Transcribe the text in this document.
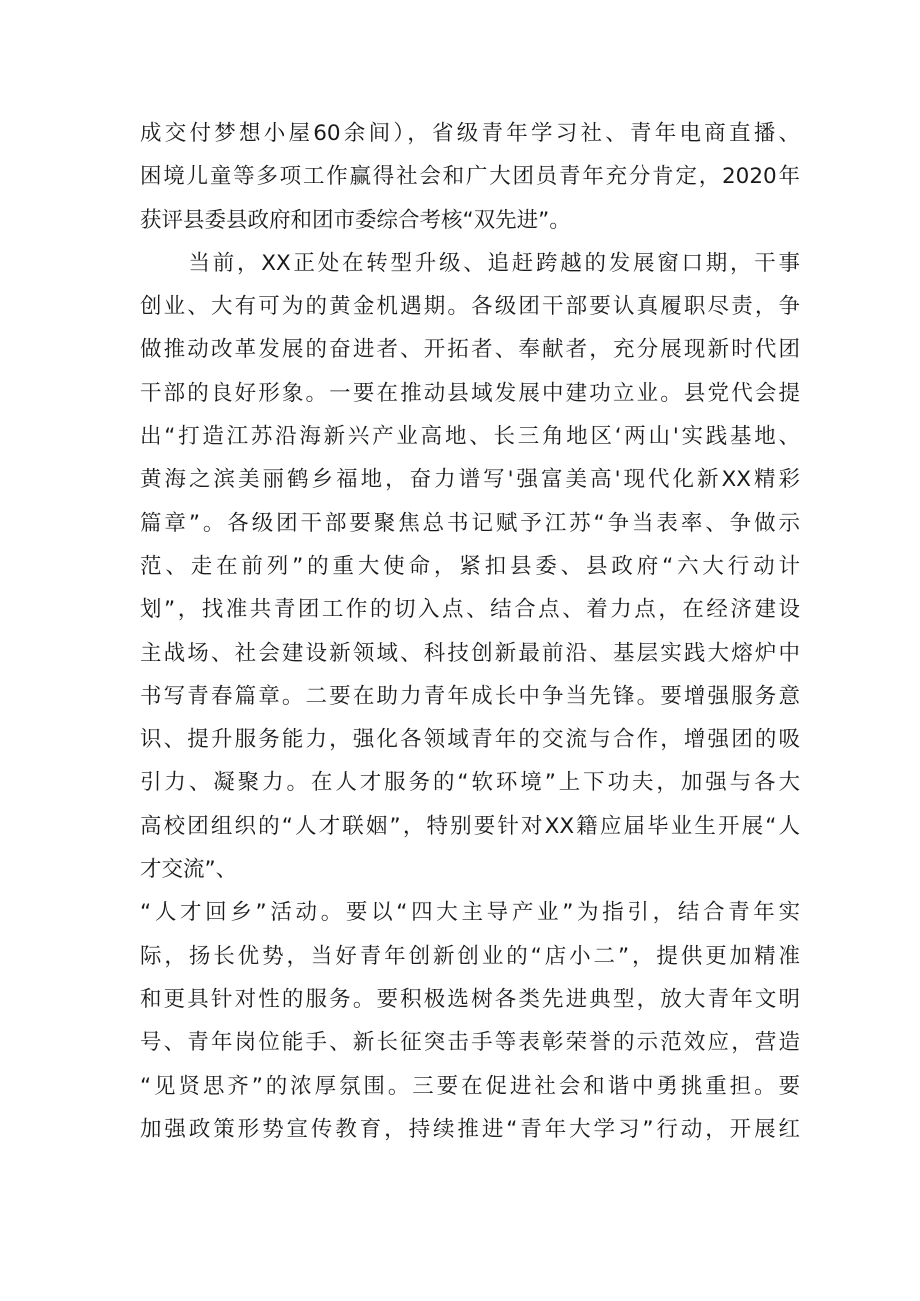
成交付梦想小屋60余间），省级青年学习社、青年电商直播、
困境儿童等多项工作赢得社会和广大团员青年充分肯定，2020年
获评县委县政府和团市委综合考核“双先进”。
　　当前，XX正处在转型升级、追赶跨越的发展窗口期，干事
创业、大有可为的黄金机遇期。各级团干部要认真履职尽责，争
做推动改革发展的奋进者、开拓者、奉献者，充分展现新时代团
干部的良好形象。一要在推动县域发展中建功立业。县党代会提
出“打造江苏沿海新兴产业高地、长三角地区‘两山'实践基地、
黄海之滨美丽鹤乡福地，奋力谱写'强富美高'现代化新XX精彩
篇章”。各级团干部要聚焦总书记赋予江苏“争当表率、争做示
范、走在前列”的重大使命，紧扣县委、县政府“六大行动计
划”，找准共青团工作的切入点、结合点、着力点，在经济建设
主战场、社会建设新领域、科技创新最前沿、基层实践大熔炉中
书写青春篇章。二要在助力青年成长中争当先锋。要增强服务意
识、提升服务能力，强化各领域青年的交流与合作，增强团的吸
引力、凝聚力。在人才服务的“软环境”上下功夫，加强与各大
高校团组织的“人才联姻”，特别要针对XX籍应届毕业生开展“人
才交流”、
“人才回乡”活动。要以“四大主导产业”为指引，结合青年实
际，扬长优势，当好青年创新创业的“店小二”，提供更加精准
和更具针对性的服务。要积极选树各类先进典型，放大青年文明
号、青年岗位能手、新长征突击手等表彰荣誉的示范效应，营造
“见贤思齐”的浓厚氛围。三要在促进社会和谐中勇挑重担。要
加强政策形势宣传教育，持续推进“青年大学习”行动，开展红
